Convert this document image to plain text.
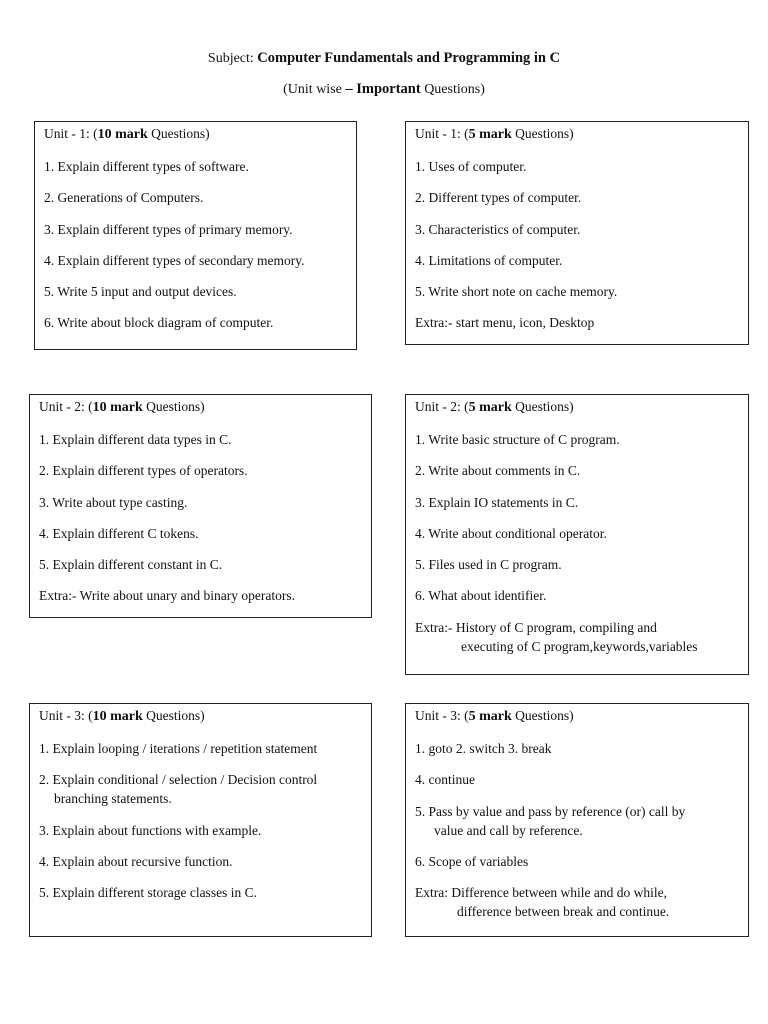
Subject: Computer Fundamentals and Programming in C
(Unit wise – Important Questions)
Unit - 1: (10 mark Questions)
1. Explain different types of software.
2. Generations of Computers.
3. Explain different types of primary memory.
4. Explain different types of secondary memory.
5. Write 5 input and output devices.
6. Write about block diagram of computer.
Unit - 1: (5 mark Questions)
1. Uses of computer.
2. Different types of computer.
3. Characteristics of computer.
4. Limitations of computer.
5. Write short note on cache memory.
Extra:- start menu, icon, Desktop
Unit - 2: (10 mark Questions)
1. Explain different data types in C.
2. Explain different types of operators.
3. Write about type casting.
4. Explain different C tokens.
5. Explain different constant in C.
Extra:- Write about unary and binary operators.
Unit - 2: (5 mark Questions)
1. Write basic structure of C program.
2. Write about comments in C.
3. Explain IO statements in C.
4. Write about conditional operator.
5. Files used in C program.
6. What about identifier.
Extra:- History of C program, compiling and
executing of C program,keywords,variables
Unit - 3: (10 mark Questions)
1. Explain looping / iterations / repetition statement
2. Explain conditional / selection / Decision control
branching statements.
3. Explain about functions with example.
4. Explain about recursive function.
5. Explain different storage classes in C.
Unit - 3: (5 mark Questions)
1. goto 2. switch 3. break
4. continue
5. Pass by value and pass by reference (or) call by
value and call by reference.
6. Scope of variables
Extra: Difference between while and do while,
difference between break and continue.
